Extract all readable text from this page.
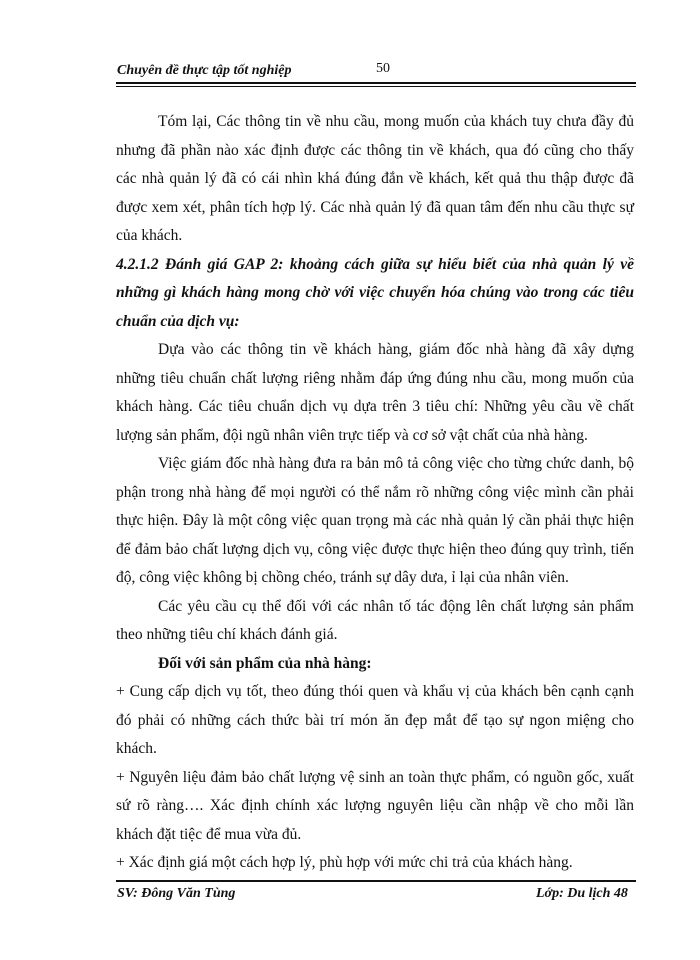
Chuyên đề thực tập tốt nghiệp	50

Tóm lại, Các thông tin về nhu cầu, mong muốn của khách tuy chưa đầy đủ nhưng đã phần nào xác định được các thông tin về khách, qua đó cũng cho thấy các nhà quản lý đã có cái nhìn khá đúng đắn về khách, kết quả thu thập được đã được xem xét, phân tích hợp lý. Các nhà quản lý đã quan tâm đến nhu cầu thực sự của khách.

4.2.1.2 Đánh giá GAP 2: khoảng cách giữa sự hiểu biết của nhà quản lý về những gì khách hàng mong chờ với việc chuyển hóa chúng vào trong các tiêu chuẩn của dịch vụ:

Dựa vào các thông tin về khách hàng, giám đốc nhà hàng đã xây dựng những tiêu chuẩn chất lượng riêng nhằm đáp ứng đúng nhu cầu, mong muốn của khách hàng. Các tiêu chuẩn dịch vụ dựa trên 3 tiêu chí: Những yêu cầu về chất lượng sản phẩm, đội ngũ nhân viên trực tiếp và cơ sở vật chất của nhà hàng.

Việc giám đốc nhà hàng đưa ra bản mô tả công việc cho từng chức danh, bộ phận trong nhà hàng để mọi người có thể nắm rõ những công việc mình cần phải thực hiện. Đây là một công việc quan trọng mà các nhà quản lý cần phải thực hiện để đảm bảo chất lượng dịch vụ, công việc được thực hiện theo đúng quy trình, tiến độ, công việc không bị chồng chéo, tránh sự dây dưa, ỉ lại của nhân viên.

Các yêu cầu cụ thể đối với các nhân tố tác động lên chất lượng sản phẩm theo những tiêu chí khách đánh giá.

Đối với sản phẩm của nhà hàng:

+ Cung cấp dịch vụ tốt, theo đúng thói quen và khẩu vị của khách bên cạnh cạnh đó phải có những cách thức bài trí món ăn đẹp mắt để tạo sự ngon miệng cho khách.

+ Nguyên liệu đảm bảo chất lượng vệ sinh an toàn thực phẩm, có nguồn gốc, xuất sứ rõ ràng…. Xác định chính xác lượng nguyên liệu cần nhập về cho mỗi lần khách đặt tiệc để mua vừa đủ.

+ Xác định giá một cách hợp lý, phù hợp với mức chi trả của khách hàng.

SV: Đông Văn Tùng	Lớp: Du lịch 48
